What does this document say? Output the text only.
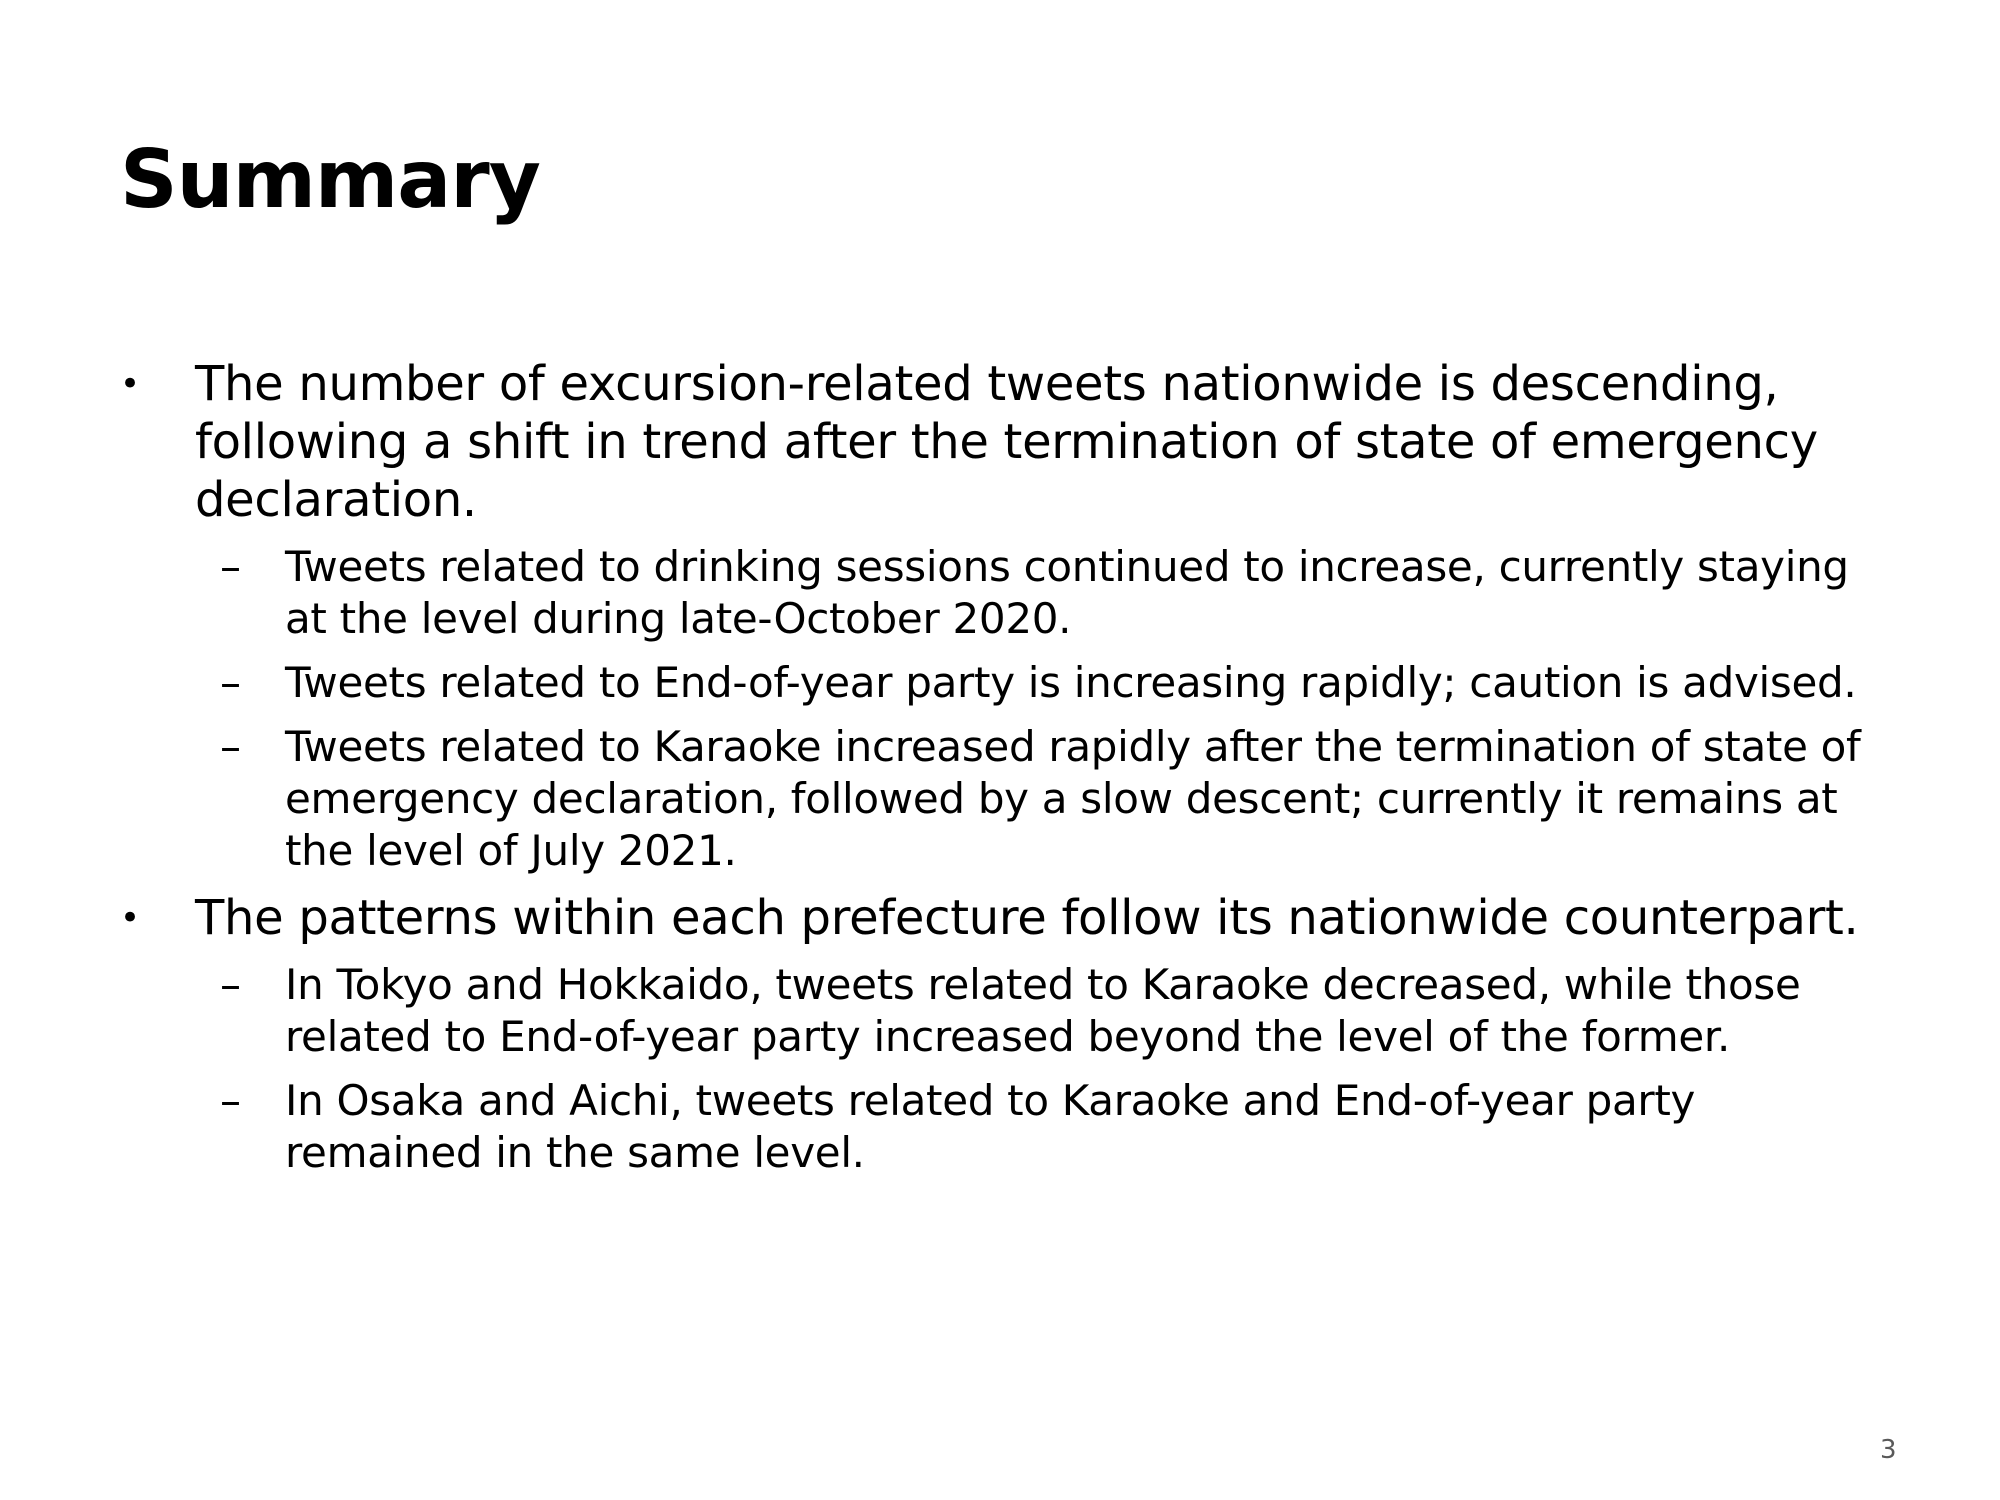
Summary
• The number of excursion-related tweets nationwide is descending, following a shift in trend after the termination of state of emergency declaration.
– Tweets related to drinking sessions continued to increase, currently staying at the level during late-October 2020.
– Tweets related to End-of-year party is increasing rapidly; caution is advised.
– Tweets related to Karaoke increased rapidly after the termination of state of emergency declaration, followed by a slow descent; currently it remains at the level of July 2021.
• The patterns within each prefecture follow its nationwide counterpart.
– In Tokyo and Hokkaido, tweets related to Karaoke decreased, while those related to End-of-year party increased beyond the level of the former.
– In Osaka and Aichi, tweets related to Karaoke and End-of-year party remained in the same level.
3
